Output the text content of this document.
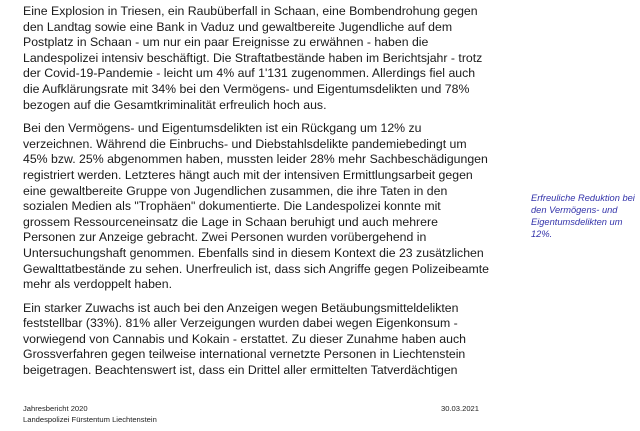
Eine Explosion in Triesen, ein Raubüberfall in Schaan, eine Bombendrohung gegen den Landtag sowie eine Bank in Vaduz und gewaltbereite Jugendliche auf dem Postplatz in Schaan - um nur ein paar Ereignisse zu erwähnen - haben die Landespolizei intensiv beschäftigt. Die Straftatbestände haben im Berichtsjahr - trotz der Covid-19-Pandemie - leicht um 4% auf 1'131 zugenommen. Allerdings fiel auch die Aufklärungsrate mit 34% bei den Vermögens- und Eigentumsdelikten und 78% bezogen auf die Gesamtkriminalität erfreulich hoch aus.

Bei den Vermögens- und Eigentumsdelikten ist ein Rückgang um 12% zu verzeichnen. Während die Einbruchs- und Diebstahlsdelikte pandemiebedingt um 45% bzw. 25% abgenommen haben, mussten leider 28% mehr Sachbeschädigungen registriert werden. Letzteres hängt auch mit der intensiven Ermittlungsarbeit gegen eine gewaltbereite Gruppe von Jugendlichen zusammen, die ihre Taten in den sozialen Medien als "Trophäen" dokumentierte. Die Landespolizei konnte mit grossem Ressourceneinsatz die Lage in Schaan beruhigt und auch mehrere Personen zur Anzeige gebracht. Zwei Personen wurden vorübergehend in Untersuchungshaft genommen. Ebenfalls sind in diesem Kontext die 23 zusätzlichen Gewalttatbestände zu sehen. Unerfreulich ist, dass sich Angriffe gegen Polizeibeamte mehr als verdoppelt haben.

Ein starker Zuwachs ist auch bei den Anzeigen wegen Betäubungsmitteldelikten feststellbar (33%). 81% aller Verzeigungen wurden dabei wegen Eigenkonsum - vorwiegend von Cannabis und Kokain - erstattet. Zu dieser Zunahme haben auch Grossverfahren gegen teilweise international vernetzte Personen in Liechtenstein beigetragen. Beachtenswert ist, dass ein Drittel aller ermittelten Tatverdächtigen

Erfreuliche Reduktion bei den Vermögens- und Eigentumsdelikten um 12%.
Jahresbericht 2020
Landespolizei Fürstentum Liechtenstein
30.03.2021
